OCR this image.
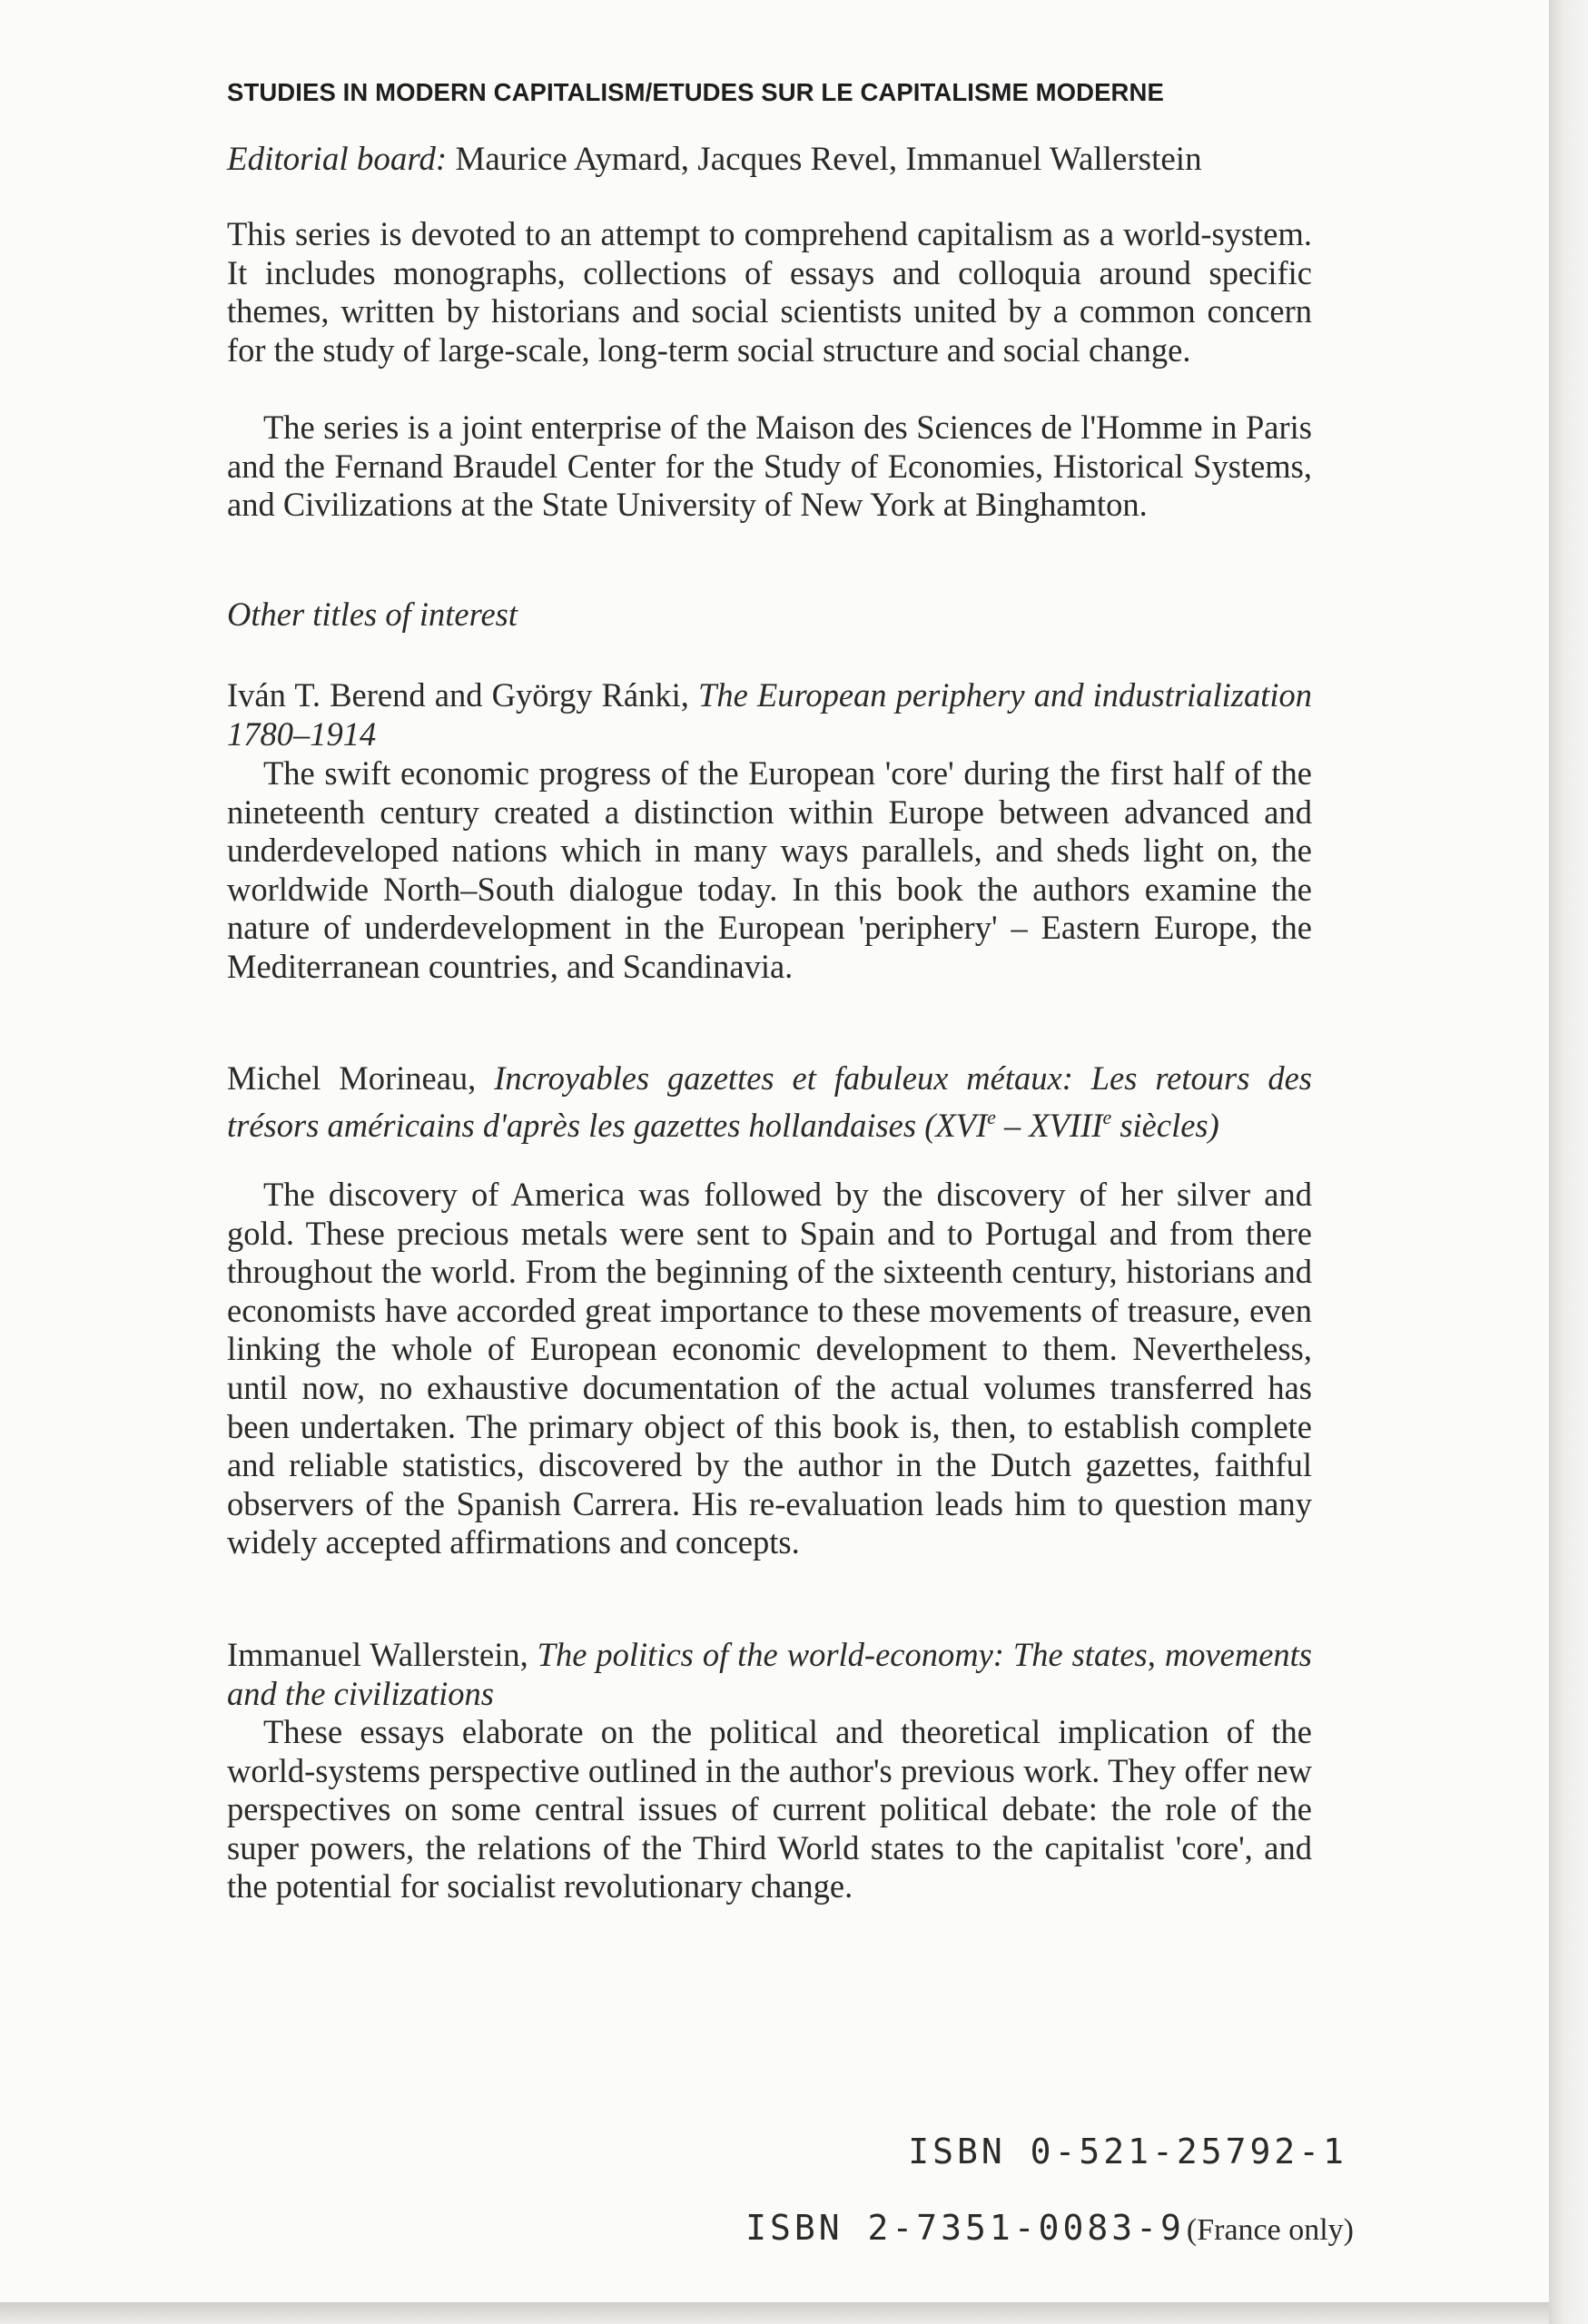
STUDIES IN MODERN CAPITALISM/ETUDES SUR LE CAPITALISME MODERNE
Editorial board: Maurice Aymard, Jacques Revel, Immanuel Wallerstein

This series is devoted to an attempt to comprehend capitalism as a world-system. It includes monographs, collections of essays and colloquia around specific themes, written by historians and social scientists united by a common concern for the study of large-scale, long-term social structure and social change.

The series is a joint enterprise of the Maison des Sciences de l'Homme in Paris and the Fernand Braudel Center for the Study of Economies, Historical Systems, and Civilizations at the State University of New York at Binghamton.

Other titles of interest

Iván T. Berend and György Ránki, The European periphery and industrialization 1780–1914

The swift economic progress of the European 'core' during the first half of the nineteenth century created a distinction within Europe between advanced and underdeveloped nations which in many ways parallels, and sheds light on, the worldwide North–South dialogue today. In this book the authors examine the nature of underdevelopment in the European 'periphery' – Eastern Europe, the Mediterranean countries, and Scandinavia.

Michel Morineau, Incroyables gazettes et fabuleux métaux: Les retours des trésors américains d'après les gazettes hollandaises (XVIe – XVIIIe siècles)

The discovery of America was followed by the discovery of her silver and gold. These precious metals were sent to Spain and to Portugal and from there throughout the world. From the beginning of the sixteenth century, historians and economists have accorded great importance to these movements of treasure, even linking the whole of European economic development to them. Nevertheless, until now, no exhaustive documentation of the actual volumes transferred has been undertaken. The primary object of this book is, then, to establish complete and reliable statistics, discovered by the author in the Dutch gazettes, faithful observers of the Spanish Carrera. His re-evaluation leads him to question many widely accepted affirmations and concepts.

Immanuel Wallerstein, The politics of the world-economy: The states, movements and the civilizations

These essays elaborate on the political and theoretical implication of the world-systems perspective outlined in the author's previous work. They offer new perspectives on some central issues of current political debate: the role of the super powers, the relations of the Third World states to the capitalist 'core', and the potential for socialist revolutionary change.

ISBN 0-521-25792-1
ISBN 2-7351-0083-9(France only)
